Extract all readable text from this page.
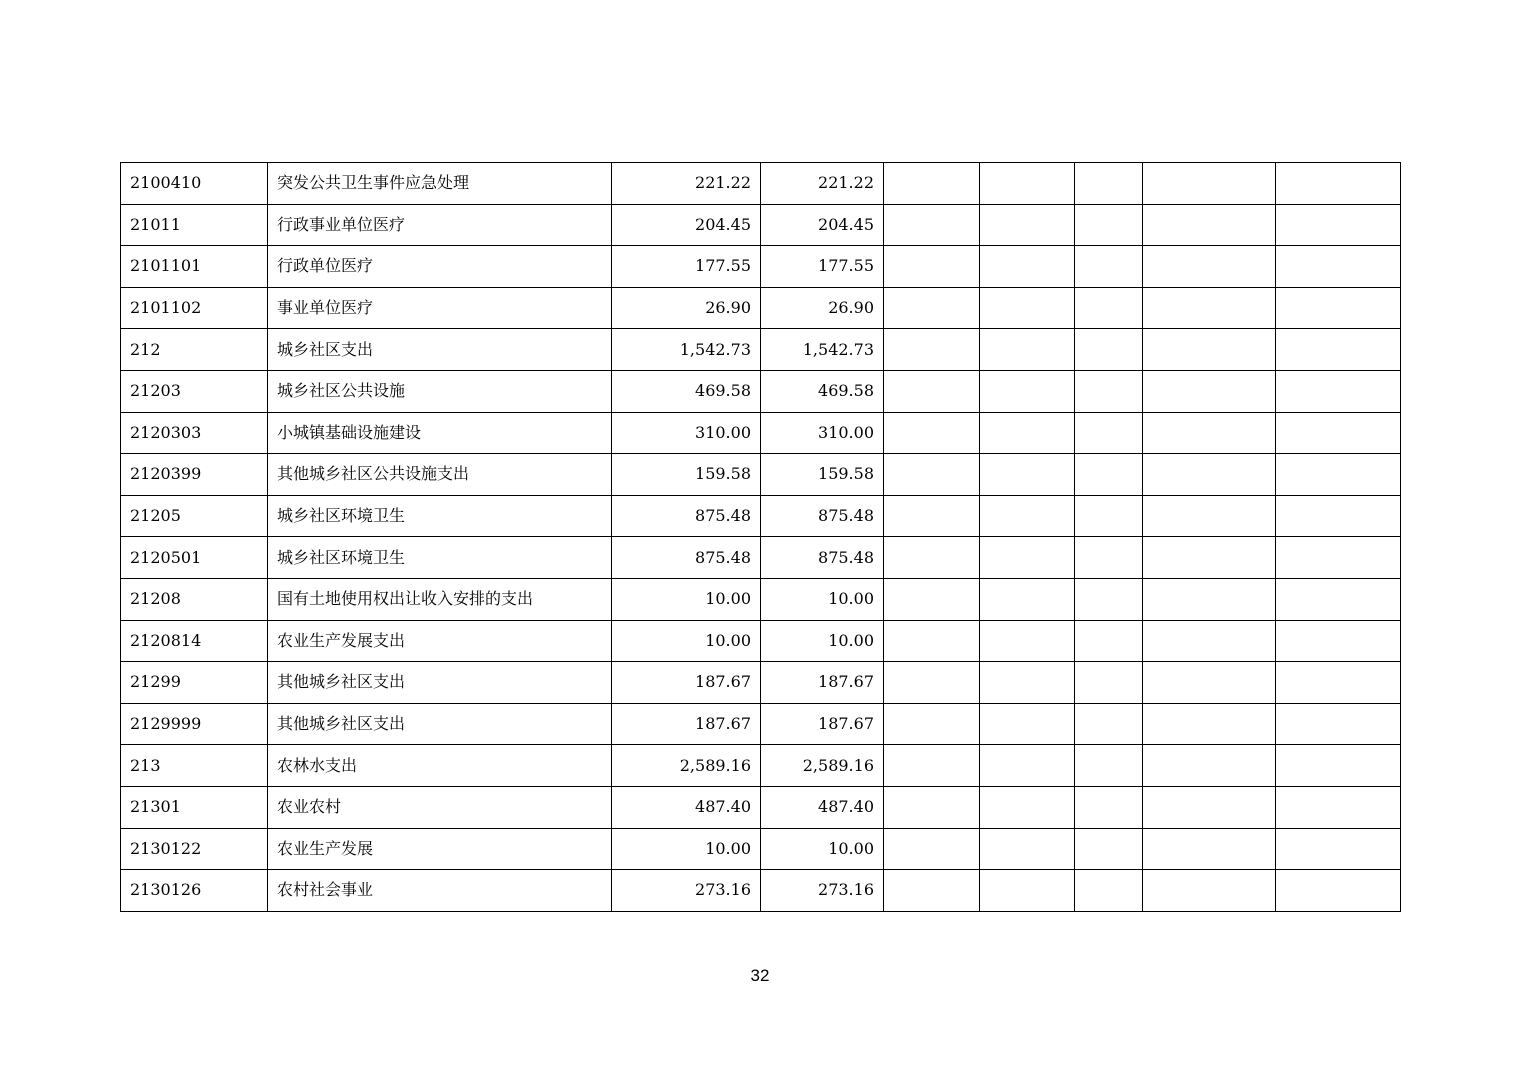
2100410	突发公共卫生事件应急处理	221.22	221.22					
21011	行政事业单位医疗	204.45	204.45					
2101101	行政单位医疗	177.55	177.55					
2101102	事业单位医疗	26.90	26.90					
212	城乡社区支出	1,542.73	1,542.73					
21203	城乡社区公共设施	469.58	469.58					
2120303	小城镇基础设施建设	310.00	310.00					
2120399	其他城乡社区公共设施支出	159.58	159.58					
21205	城乡社区环境卫生	875.48	875.48					
2120501	城乡社区环境卫生	875.48	875.48					
21208	国有土地使用权出让收入安排的支出	10.00	10.00					
2120814	农业生产发展支出	10.00	10.00					
21299	其他城乡社区支出	187.67	187.67					
2129999	其他城乡社区支出	187.67	187.67					
213	农林水支出	2,589.16	2,589.16					
21301	农业农村	487.40	487.40					
2130122	农业生产发展	10.00	10.00					
2130126	农村社会事业	273.16	273.16					
32
